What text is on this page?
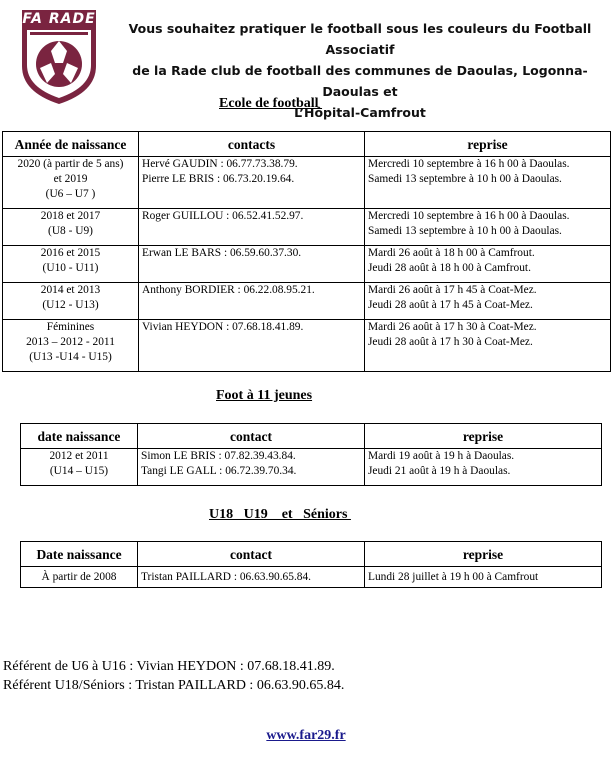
FA RADE
Vous souhaitez pratiquer le football sous les couleurs du Football Associatif
de la Rade club de football des communes de Daoulas, Logonna-Daoulas et
L’Hôpital-Camfrout
Ecole de football
Année de naissance	contacts	reprise

2020 (à partir de 5 ans)
et 2019
(U6 – U7 )	Hervé GAUDIN : 06.77.73.38.79.
Pierre LE BRIS : 06.73.20.19.64.	Mercredi 10 septembre à 16 h 00 à Daoulas.
Samedi 13 septembre à 10 h 00 à Daoulas.

2018 et 2017
(U8 - U9)	Roger GUILLOU : 06.52.41.52.97.	Mercredi 10 septembre à 16 h 00 à Daoulas.
Samedi 13 septembre à 10 h 00 à Daoulas.

2016 et 2015
(U10 - U11)	Erwan LE BARS : 06.59.60.37.30.	Mardi 26 août à 18 h 00 à Camfrout.
Jeudi 28 août à 18 h 00 à Camfrout.

2014 et 2013
(U12 - U13)	Anthony BORDIER : 06.22.08.95.21.	Mardi 26 août à 17 h 45 à Coat-Mez.
Jeudi 28 août à 17 h 45 à Coat-Mez.

Féminines
2013 – 2012 - 2011
(U13 -U14 - U15)	Vivian HEYDON : 07.68.18.41.89.	Mardi 26 août à 17 h 30 à Coat-Mez.
Jeudi 28 août à 17 h 30 à Coat-Mez.
Foot à 11 jeunes
date naissance	contact	reprise

2012 et 2011
(U14 – U15)	Simon LE BRIS : 07.82.39.43.84.
Tangi LE GALL : 06.72.39.70.34.	Mardi 19 août à 19 h à Daoulas.
Jeudi 21 août à 19 h à Daoulas.
U18   U19    et   Séniors
Date naissance	contact	reprise

À partir de 2008	Tristan PAILLARD : 06.63.90.65.84.	Lundi 28 juillet à 19 h 00 à Camfrout
Référent de U6 à U16 : Vivian HEYDON : 07.68.18.41.89.
Référent U18/Séniors : Tristan PAILLARD : 06.63.90.65.84.
www.far29.fr
